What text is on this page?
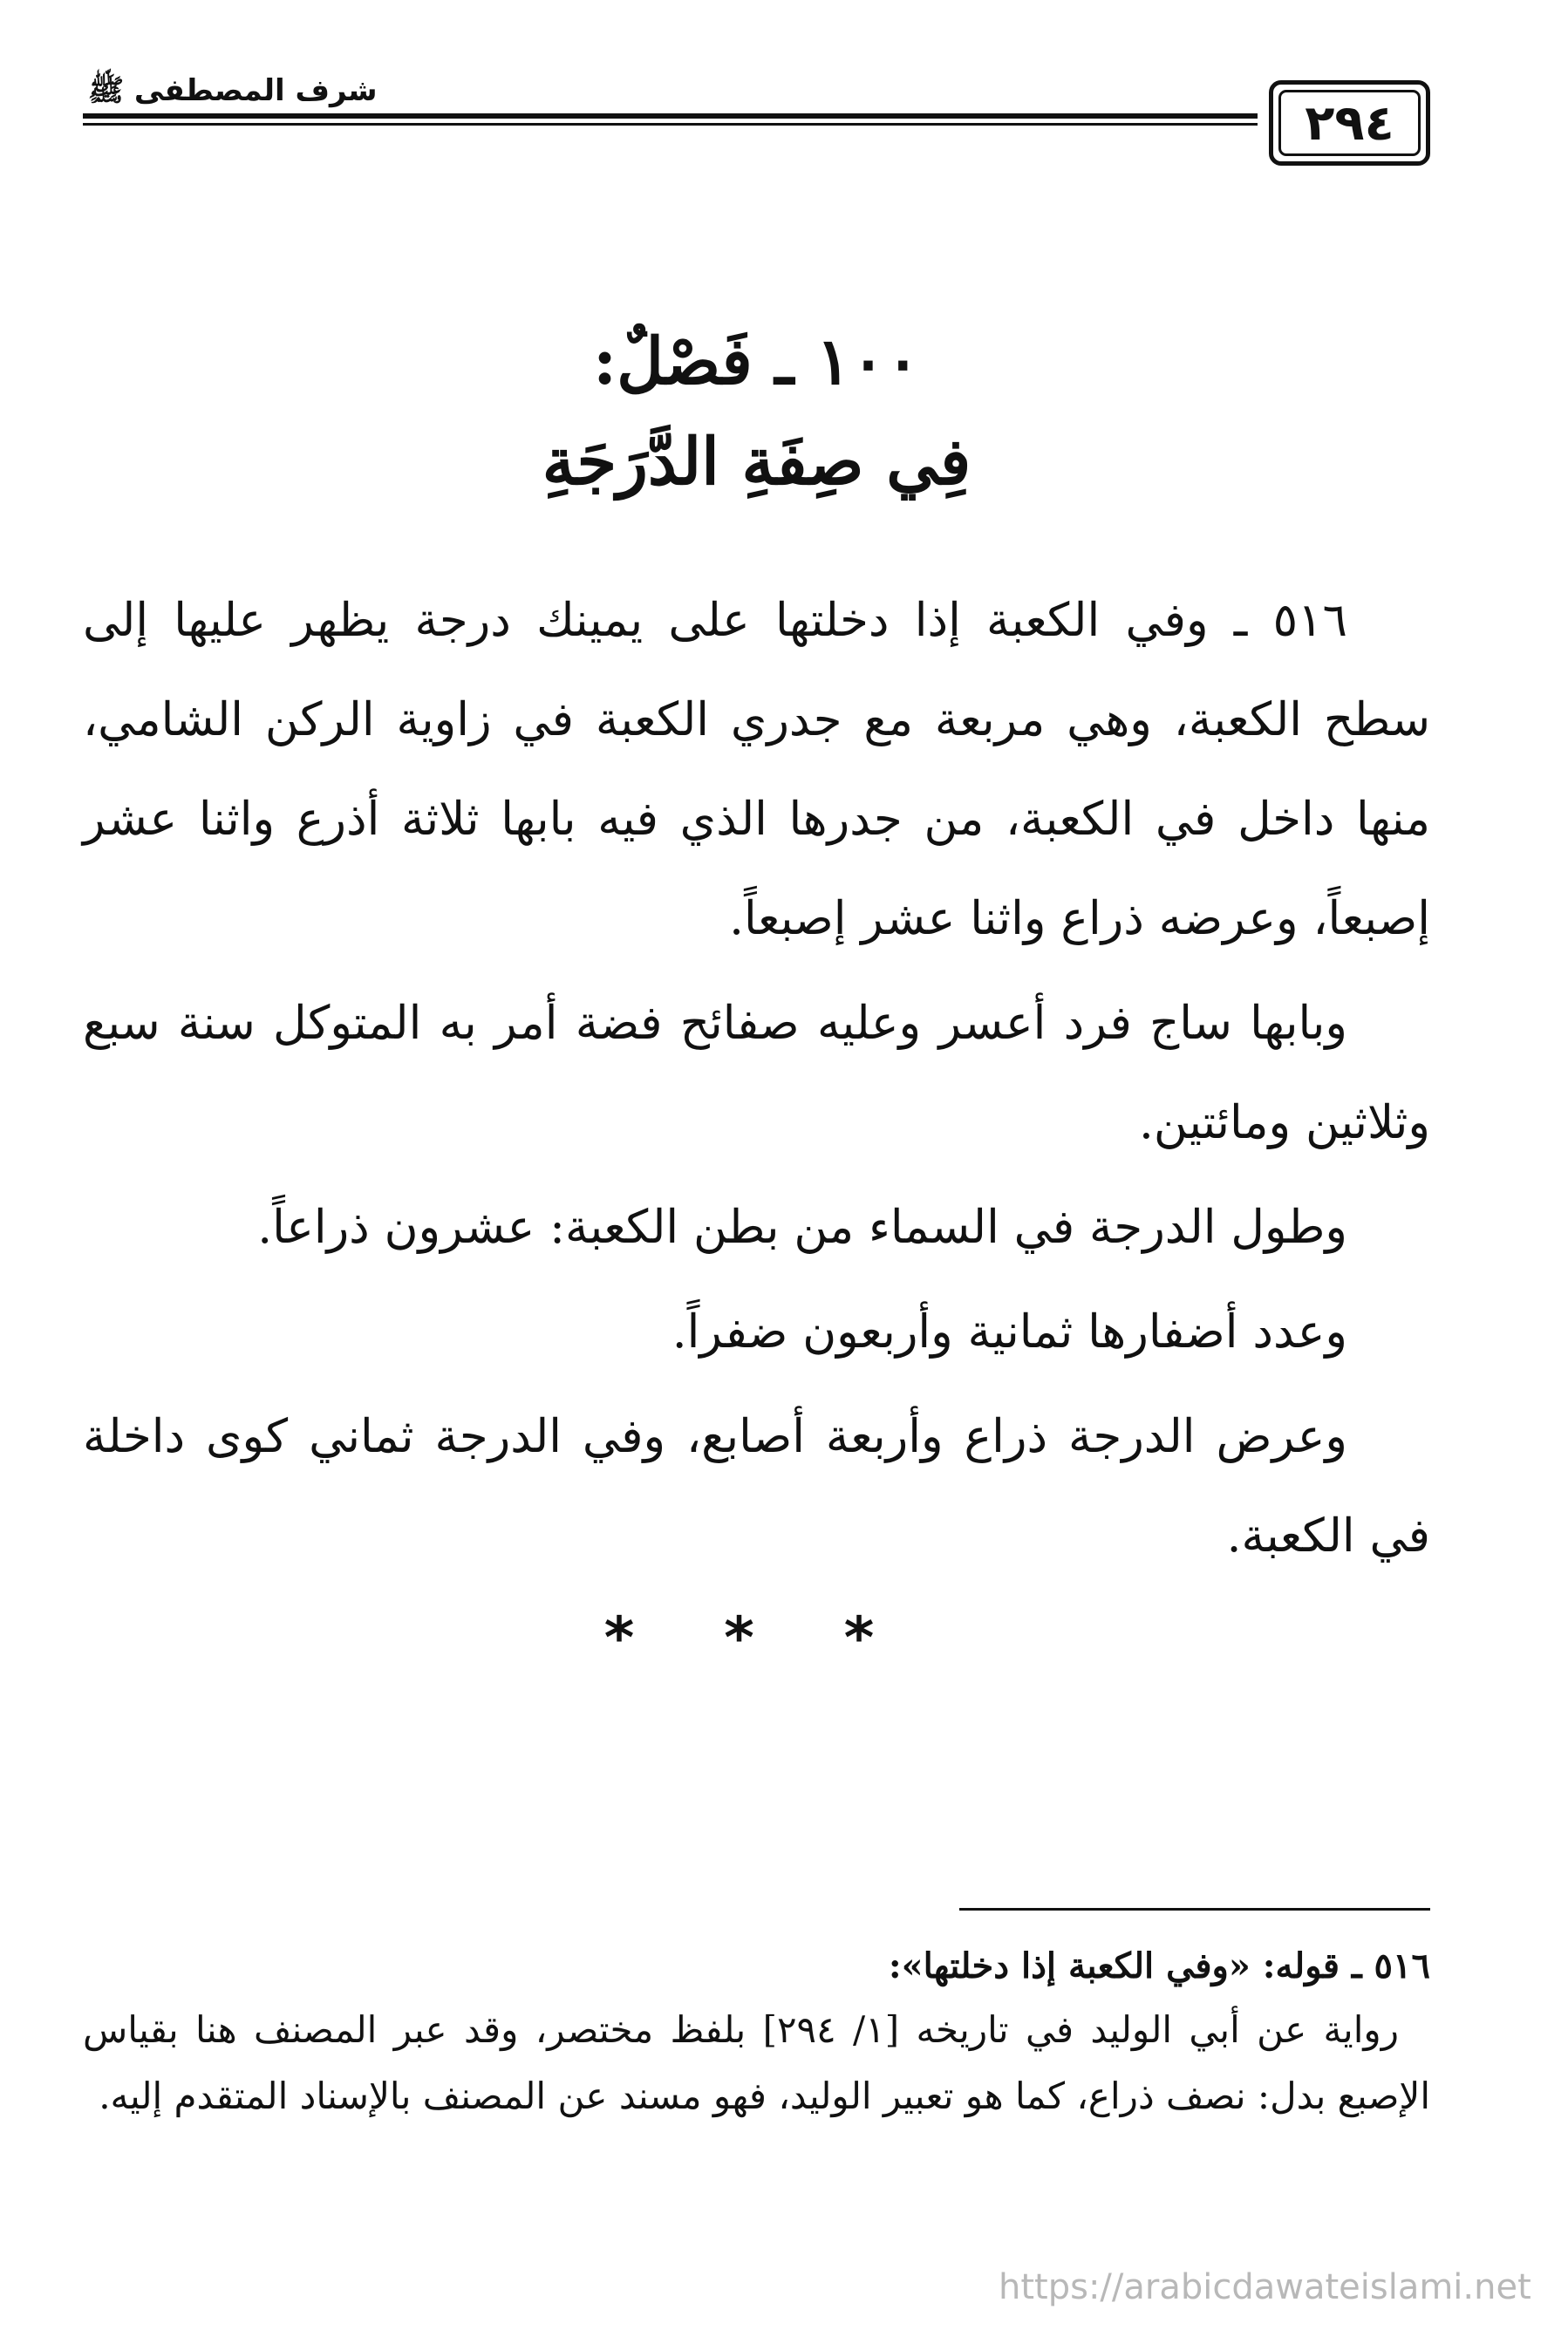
٢٩٤
شرف المصطفى ﷺ
١٠٠ ـ فَصْلٌ:
فِي صِفَةِ الدَّرَجَةِ

٥١٦ ـ وفي الكعبة إذا دخلتها على يمينك درجة يظهر عليها إلى سطح الكعبة، وهي مربعة مع جدري الكعبة في زاوية الركن الشامي، منها داخل في الكعبة، من جدرها الذي فيه بابها ثلاثة أذرع واثنا عشر إصبعاً، وعرضه ذراع واثنا عشر إصبعاً.

وبابها ساج فرد أعسر وعليه صفائح فضة أمر به المتوكل سنة سبع وثلاثين ومائتين.

وطول الدرجة في السماء من بطن الكعبة: عشرون ذراعاً.

وعدد أضفارها ثمانية وأربعون ضفراً.

وعرض الدرجة ذراع وأربعة أصابع، وفي الدرجة ثماني كوى داخلة في الكعبة.

* * *

٥١٦ ـ قوله: «وفي الكعبة إذا دخلتها»:

رواية عن أبي الوليد في تاريخه [١/ ٢٩٤] بلفظ مختصر، وقد عبر المصنف هنا بقياس الإصبع بدل: نصف ذراع، كما هو تعبير الوليد، فهو مسند عن المصنف بالإسناد المتقدم إليه.

https://arabicdawateislami.net
